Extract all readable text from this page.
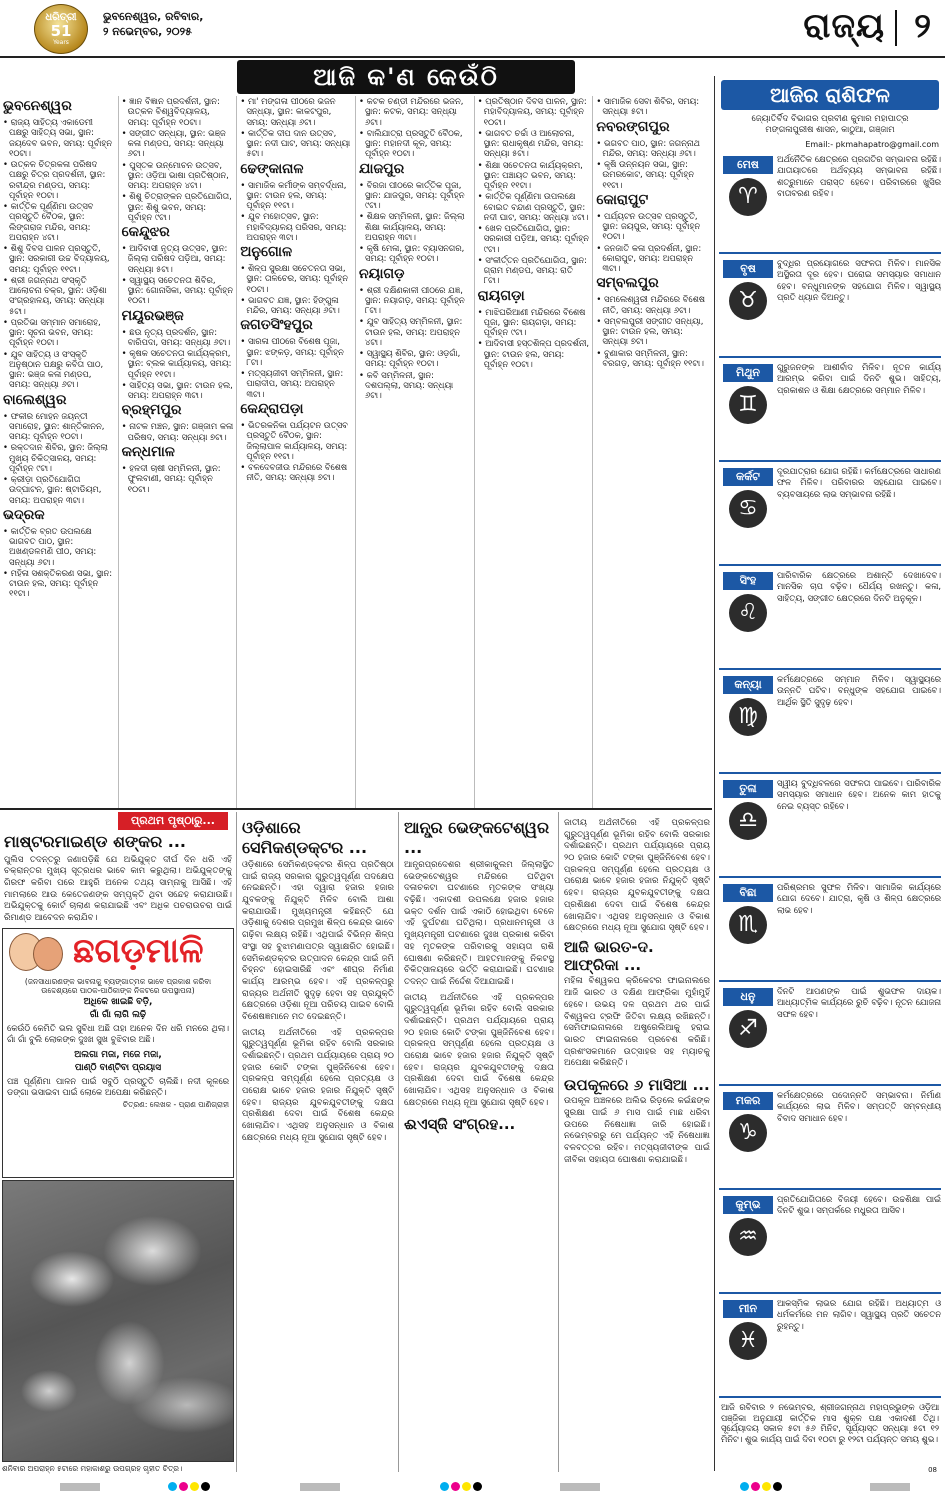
ଧରିତ୍ରୀ
51
Years
ଭୁବନେଶ୍ୱର, ରବିବାର,
୨ ନଭେମ୍ବର, ୨୦୨୫	ରାଜ୍ୟ ୨
ଆଜି କ'ଣ କେଉଁଠି
ଭୁବନେଶ୍ୱର
• ରାଜ୍ୟ ସାହିତ୍ୟ ଏକାଡେମୀ ପକ୍ଷରୁ ସାହିତ୍ୟ ସଭା, ସ୍ଥାନ: ଜୟଦେବ ଭବନ, ସମୟ: ପୂର୍ବାହ୍ନ ୧୦ଟା।
• ଉତ୍କଳ ଚିତ୍ରକଳା ପରିଷଦ ପକ୍ଷରୁ ଚିତ୍ର ପ୍ରଦର୍ଶନୀ, ସ୍ଥାନ: ରବୀନ୍ଦ୍ର ମଣ୍ଡପ, ସମୟ: ପୂର୍ବାହ୍ନ ୧୦ଟା।
• କାର୍ତ୍ତିକ ପୂର୍ଣ୍ଣିମା ଉତ୍ସବ ପ୍ରସ୍ତୁତି ବୈଠକ, ସ୍ଥାନ: ଲିଙ୍ଗରାଜ ମନ୍ଦିର, ସମୟ: ଅପରାହ୍ନ ୪ଟା।
• ଶିଶୁ ଦିବସ ପାଳନ ପ୍ରସ୍ତୁତି, ସ୍ଥାନ: ସରକାରୀ ଉଚ୍ଚ ବିଦ୍ୟାଳୟ, ସମୟ: ପୂର୍ବାହ୍ନ ୧୧ଟା।
• ଶ୍ରୀ ଜଗନ୍ନାଥ ସଂସ୍କୃତି ଆଲୋଚନା ଚକ୍ର, ସ୍ଥାନ: ଓଡ଼ିଶା ସଂଗ୍ରହାଳୟ, ସମୟ: ସନ୍ଧ୍ୟା ୫ଟା।
• ପ୍ରତିଭା ସମ୍ମାନ ସମାରୋହ, ସ୍ଥାନ: ସୂଚନା ଭବନ, ସମୟ: ପୂର୍ବାହ୍ନ ୧୦ଟା।
• ଯୁବ ସାହିତ୍ୟ ଓ ସଂସ୍କୃତି ଅନୁଷ୍ଠାନ ପକ୍ଷରୁ କବିତା ପାଠ, ସ୍ଥାନ: ଭଞ୍ଜ କଳା ମଣ୍ଡପ, ସମୟ: ସନ୍ଧ୍ୟା ୬ଟା।
ବାଲେଶ୍ୱର
• ଫକୀର ମୋହନ ଜୟନ୍ତୀ ସମାରୋହ, ସ୍ଥାନ: ଶାନ୍ତିକାନନ, ସମୟ: ପୂର୍ବାହ୍ନ ୧୦ଟା।
• ରକ୍ତଦାନ ଶିବିର, ସ୍ଥାନ: ଜିଲ୍ଲା ମୁଖ୍ୟ ଚିକିତ୍ସାଳୟ, ସମୟ: ପୂର୍ବାହ୍ନ ୯ଟା।
• କ୍ରୀଡ଼ା ପ୍ରତିଯୋଗିତା ଉଦ୍‌ଘାଟନ, ସ୍ଥାନ: ଷ୍ଟାଡିୟମ, ସମୟ: ଅପରାହ୍ନ ୩ଟା।
ଭଦ୍ରକ
• କାର୍ତ୍ତିକ ବ୍ରତ ଉପଲକ୍ଷେ ଭାଗବତ ପାଠ, ସ୍ଥାନ: ଅଖଣ୍ଡଳମଣି ପୀଠ, ସମୟ: ସନ୍ଧ୍ୟା ୬ଟା।
• ମହିଳା ସଶକ୍ତିକରଣ ସଭା, ସ୍ଥାନ: ଟାଉନ ହଲ, ସମୟ: ପୂର୍ବାହ୍ନ ୧୧ଟା।
• ଜ୍ଞାନ ବିଜ୍ଞାନ ପ୍ରଦର୍ଶନୀ, ସ୍ଥାନ: ଉତ୍କଳ ବିଶ୍ୱବିଦ୍ୟାଳୟ, ସମୟ: ପୂର୍ବାହ୍ନ ୧୦ଟା।
• ସଙ୍ଗୀତ ସନ୍ଧ୍ୟା, ସ୍ଥାନ: ଭଞ୍ଜ କଳା ମଣ୍ଡପ, ସମୟ: ସନ୍ଧ୍ୟା ୬ଟା।
• ପୁସ୍ତକ ଉନ୍ମୋଚନ ଉତ୍ସବ, ସ୍ଥାନ: ଓଡ଼ିଆ ଭାଷା ପ୍ରତିଷ୍ଠାନ, ସମୟ: ଅପରାହ୍ନ ୪ଟା।
• ଶିଶୁ ଚିତ୍ରାଙ୍କନ ପ୍ରତିଯୋଗିତା, ସ୍ଥାନ: ଶିଶୁ ଭବନ, ସମୟ: ପୂର୍ବାହ୍ନ ୯ଟା।
କେନ୍ଦୁଝର
• ଆଦିବାସୀ ନୃତ୍ୟ ଉତ୍ସବ, ସ୍ଥାନ: ଜିଲ୍ଲା ପରିଷଦ ପଡ଼ିଆ, ସମୟ: ସନ୍ଧ୍ୟା ୫ଟା।
• ସ୍ୱାସ୍ଥ୍ୟ ସଚେତନତା ଶିବିର, ସ୍ଥାନ: ଗୋନାସିକା, ସମୟ: ପୂର୍ବାହ୍ନ ୧୦ଟା।
ମୟୂରଭଞ୍ଜ
• ଛଉ ନୃତ୍ୟ ପ୍ରଦର୍ଶନ, ସ୍ଥାନ: ବାରିପଦା, ସମୟ: ସନ୍ଧ୍ୟା ୬ଟା।
• କୃଷକ ସଚେତନତା କାର୍ଯ୍ୟକ୍ରମ, ସ୍ଥାନ: ବ୍ଲକ କାର୍ଯ୍ୟାଳୟ, ସମୟ: ପୂର୍ବାହ୍ନ ୧୧ଟା।
• ସାହିତ୍ୟ ସଭା, ସ୍ଥାନ: ଟାଉନ ହଲ, ସମୟ: ଅପରାହ୍ନ ୩ଟା।
ବ୍ରହ୍ମପୁର
• ନାଟକ ମଞ୍ଚନ, ସ୍ଥାନ: ଗଞ୍ଜାମ କଳା ପରିଷଦ, ସମୟ: ସନ୍ଧ୍ୟା ୭ଟା।
କନ୍ଧମାଳ
• ହଳଦୀ ଚାଷୀ ସମ୍ମିଳନୀ, ସ୍ଥାନ: ଫୁଲବାଣୀ, ସମୟ: ପୂର୍ବାହ୍ନ ୧୦ଟା।
• ମା' ମଙ୍ଗଳା ପୀଠରେ ଭଜନ ସନ୍ଧ୍ୟା, ସ୍ଥାନ: କାକଟପୁର, ସମୟ: ସନ୍ଧ୍ୟା ୬ଟା।
• କାର୍ତ୍ତିକ ଦୀପ ଦାନ ଉତ୍ସବ, ସ୍ଥାନ: ନଦୀ ଘାଟ, ସମୟ: ସନ୍ଧ୍ୟା ୫ଟା।
ଢେଙ୍କାନାଳ
• ସାମାଜିକ କର୍ମୀଙ୍କ ସମ୍ବର୍ଦ୍ଧନା, ସ୍ଥାନ: ଟାଉନ ହଲ, ସମୟ: ପୂର୍ବାହ୍ନ ୧୧ଟା।
• ଯୁବ ମହୋତ୍ସବ, ସ୍ଥାନ: ମହାବିଦ୍ୟାଳୟ ପରିସର, ସମୟ: ଅପରାହ୍ନ ୩ଟା।
ଅନୁଗୋଳ
• ଶିଳ୍ପ ସୁରକ୍ଷା ସଚେତନତା ସଭା, ସ୍ଥାନ: ତାଳଚେର, ସମୟ: ପୂର୍ବାହ୍ନ ୧୦ଟା।
• ଭାଗବତ ଯଜ୍ଞ, ସ୍ଥାନ: ହିଙ୍ଗୁଳା ମନ୍ଦିର, ସମୟ: ସନ୍ଧ୍ୟା ୬ଟା।
ଜଗତସିଂହପୁର
• ସାରଳା ପୀଠରେ ବିଶେଷ ପୂଜା, ସ୍ଥାନ: ଝଙ୍କଡ଼, ସମୟ: ପୂର୍ବାହ୍ନ ୮ଟା।
• ମତ୍ସ୍ୟଜୀବୀ ସମ୍ମିଳନୀ, ସ୍ଥାନ: ପାରାଦୀପ, ସମୟ: ଅପରାହ୍ନ ୩ଟା।
କେନ୍ଦ୍ରାପଡ଼ା
• ଭିତରକନିକା ପର୍ଯ୍ୟଟନ ଉତ୍ସବ ପ୍ରସ୍ତୁତି ବୈଠକ, ସ୍ଥାନ: ଜିଲ୍ଲାପାଳ କାର୍ଯ୍ୟାଳୟ, ସମୟ: ପୂର୍ବାହ୍ନ ୧୧ଟା।
• ବଳଦେବଜୀଉ ମନ୍ଦିରରେ ବିଶେଷ ନୀତି, ସମୟ: ସନ୍ଧ୍ୟା ୭ଟା।
• କଟକ ଚଣ୍ଡୀ ମନ୍ଦିରରେ ଭଜନ, ସ୍ଥାନ: କଟକ, ସମୟ: ସନ୍ଧ୍ୟା ୬ଟା।
• ବାଲିଯାତ୍ରା ପ୍ରସ୍ତୁତି ବୈଠକ, ସ୍ଥାନ: ମହାନଦୀ କୂଳ, ସମୟ: ପୂର୍ବାହ୍ନ ୧୦ଟା।
ଯାଜପୁର
• ବିରଜା ପୀଠରେ କାର୍ତ୍ତିକ ପୂଜା, ସ୍ଥାନ: ଯାଜପୁର, ସମୟ: ପୂର୍ବାହ୍ନ ୯ଟା।
• ଶିକ୍ଷକ ସମ୍ମିଳନୀ, ସ୍ଥାନ: ଜିଲ୍ଲା ଶିକ୍ଷା କାର୍ଯ୍ୟାଳୟ, ସମୟ: ଅପରାହ୍ନ ୩ଟା।
• କୃଷି ମେଳା, ସ୍ଥାନ: ବ୍ୟାସନଗର, ସମୟ: ପୂର୍ବାହ୍ନ ୧୦ଟା।
ନୟାଗଡ଼
• ଶ୍ରୀ ଦକ୍ଷିଣକାଳୀ ପୀଠରେ ଯଜ୍ଞ, ସ୍ଥାନ: ନୟାଗଡ଼, ସମୟ: ପୂର୍ବାହ୍ନ ୮ଟା।
• ଯୁବ ସାହିତ୍ୟ ସମ୍ମିଳନୀ, ସ୍ଥାନ: ଟାଉନ ହଲ, ସମୟ: ଅପରାହ୍ନ ୪ଟା।
• ସ୍ୱାସ୍ଥ୍ୟ ଶିବିର, ସ୍ଥାନ: ଓଡ଼ଗାଁ, ସମୟ: ପୂର୍ବାହ୍ନ ୧୦ଟା।
• କବି ସମ୍ମିଳନୀ, ସ୍ଥାନ: ଦଶପଲ୍ଲା, ସମୟ: ସନ୍ଧ୍ୟା ୬ଟା।
• ପ୍ରତିଷ୍ଠାନ ଦିବସ ପାଳନ, ସ୍ଥାନ: ମହାବିଦ୍ୟାଳୟ, ସମୟ: ପୂର୍ବାହ୍ନ ୧୦ଟା।
• ଭାଗବତ ଚର୍ଚ୍ଚା ଓ ଆଲୋଚନା, ସ୍ଥାନ: ରାଧାକୃଷ୍ଣ ମନ୍ଦିର, ସମୟ: ସନ୍ଧ୍ୟା ୫ଟା।
• ଶିକ୍ଷା ସଚେତନତା କାର୍ଯ୍ୟକ୍ରମ, ସ୍ଥାନ: ପଞ୍ଚାୟତ ଭବନ, ସମୟ: ପୂର୍ବାହ୍ନ ୧୧ଟା।
• କାର୍ତ୍ତିକ ପୂର୍ଣ୍ଣିମା ଉପଲକ୍ଷେ ବୋଇତ ବନ୍ଦାଣ ପ୍ରସ୍ତୁତି, ସ୍ଥାନ: ନଦୀ ଘାଟ, ସମୟ: ସନ୍ଧ୍ୟା ୪ଟା।
• ଖେଳ ପ୍ରତିଯୋଗିତା, ସ୍ଥାନ: ସରକାରୀ ପଡ଼ିଆ, ସମୟ: ପୂର୍ବାହ୍ନ ୯ଟା।
• ସଂକୀର୍ତ୍ତନ ପ୍ରତିଯୋଗିତା, ସ୍ଥାନ: ଗ୍ରାମ ମଣ୍ଡପ, ସମୟ: ରାତି ୮ଟା।
ରାୟଗଡ଼ା
• ମାଝିଘରିଆଣୀ ମନ୍ଦିରରେ ବିଶେଷ ପୂଜା, ସ୍ଥାନ: ରାୟଗଡ଼ା, ସମୟ: ପୂର୍ବାହ୍ନ ୯ଟା।
• ଆଦିବାସୀ ହସ୍ତଶିଳ୍ପ ପ୍ରଦର୍ଶନୀ, ସ୍ଥାନ: ଟାଉନ ହଲ, ସମୟ: ପୂର୍ବାହ୍ନ ୧୦ଟା।
• ସାମାଜିକ ସେବା ଶିବିର, ସମୟ: ସନ୍ଧ୍ୟା ୫ଟା।
ନବରଙ୍ଗପୁର
• ଭଗବତ ପାଠ, ସ୍ଥାନ: ଜଗନ୍ନାଥ ମନ୍ଦିର, ସମୟ: ସନ୍ଧ୍ୟା ୬ଟା।
• କୃଷି ଉନ୍ନୟନ ସଭା, ସ୍ଥାନ: ଉମରକୋଟ, ସମୟ: ପୂର୍ବାହ୍ନ ୧୧ଟା।
କୋରାପୁଟ
• ପର୍ଯ୍ୟଟନ ଉତ୍ସବ ପ୍ରସ୍ତୁତି, ସ୍ଥାନ: ଜୟପୁର, ସମୟ: ପୂର୍ବାହ୍ନ ୧୦ଟା।
• ଜନଜାତି କଳା ପ୍ରଦର୍ଶନୀ, ସ୍ଥାନ: କୋରାପୁଟ, ସମୟ: ଅପରାହ୍ନ ୩ଟା।
ସମ୍ବଲପୁର
• ସମଲେଶ୍ୱରୀ ମନ୍ଦିରରେ ବିଶେଷ ନୀତି, ସମୟ: ସନ୍ଧ୍ୟା ୬ଟା।
• ସମ୍ବଲପୁରୀ ସଙ୍ଗୀତ ସନ୍ଧ୍ୟା, ସ୍ଥାନ: ଟାଉନ ହଲ, ସମୟ: ସନ୍ଧ୍ୟା ୭ଟା।
• ବୁଣାକାର ସମ୍ମିଳନୀ, ସ୍ଥାନ: ବରଗଡ଼, ସମୟ: ପୂର୍ବାହ୍ନ ୧୧ଟା।
ଆଜିର ରାଶିଫଳ
ଜ୍ୟୋତିର୍ବିଦ ବିଭାଗର ପ୍ରବୀଣ କୁମାର ମହାପାତ୍ର
ମଙ୍ଗଳାପୁରୀଷ ଶାସନ, କାଠୁଆ, ଗଞ୍ଜାମ
Email:- pkmahapatro@gmail.com
ମେଷ
♈
ଅର୍ଥନୈତିକ କ୍ଷେତ୍ରରେ ପ୍ରଗତିର ସମ୍ଭାବନା ରହିଛି। ଯାତାୟାତରେ ଅର୍ଥବ୍ୟୟ ସମ୍ଭାବନା ରହିଛି। ଶତ୍ରୁମାନେ ପରାସ୍ତ ହେବେ। ପରିବାରରେ ଖୁସିର ବାତାବରଣ ରହିବ।
ବୃଷ
♉
ବୁଦ୍ଧିର ପ୍ରୟୋଗରେ ସଫଳତା ମିଳିବ। ମାନସିକ ଅସ୍ଥିରତା ଦୂର ହେବ। ଘରୋଇ ସମସ୍ୟାର ସମାଧାନ ହେବ। ବନ୍ଧୁମାନଙ୍କ ସହଯୋଗ ମିଳିବ। ସ୍ୱାସ୍ଥ୍ୟ ପ୍ରତି ଧ୍ୟାନ ଦିଅନ୍ତୁ।
ମିଥୁନ
♊
ଗୁରୁଜନଙ୍କ ଆଶୀର୍ବାଦ ମିଳିବ। ନୂତନ କାର୍ଯ୍ୟ ଆରମ୍ଭ କରିବା ପାଇଁ ଦିନଟି ଶୁଭ। ସାହିତ୍ୟ, ପ୍ରକାଶନ ଓ ଶିକ୍ଷା କ୍ଷେତ୍ରରେ ସମ୍ମାନ ମିଳିବ।
କର୍କଟ
♋
ଦୂରଯାତ୍ରାର ଯୋଗ ରହିଛି। କର୍ମକ୍ଷେତ୍ରରେ ସାଧାରଣ ଫଳ ମିଳିବ। ପରିବାରର ସହଯୋଗ ପାଇବେ। ବ୍ୟବସାୟରେ ଲାଭ ସମ୍ଭାବନା ରହିଛି।
ସିଂହ
♌
ପାରିବାରିକ କ୍ଷେତ୍ରରେ ଅଶାନ୍ତି ଦେଖାଦେବ। ମାନସିକ ଚାପ ବଢ଼ିବ। ଧୈର୍ଯ୍ୟ ରଖନ୍ତୁ। କଳା, ସାହିତ୍ୟ, ସଙ୍ଗୀତ କ୍ଷେତ୍ରରେ ଦିନଟି ଅନୁକୂଳ।
କନ୍ୟା
♍
କର୍ମକ୍ଷେତ୍ରରେ ସମ୍ମାନ ମିଳିବ। ସ୍ୱାସ୍ଥ୍ୟରେ ଉନ୍ନତି ଘଟିବ। ବନ୍ଧୁଙ୍କ ସହଯୋଗ ପାଇବେ। ଆର୍ଥିକ ସ୍ଥିତି ସୁଦୃଢ଼ ହେବ।
ତୁଳା
♎
ସ୍ୱୀୟ ବୁଦ୍ଧିବଳରେ ସଫଳତା ପାଇବେ। ପାରିବାରିକ ସମସ୍ୟାର ସମାଧାନ ହେବ। ଅନେକ କାମ ହାତକୁ ନେଇ ବ୍ୟସ୍ତ ରହିବେ।
ବିଛା
♏
ପରିଶ୍ରମର ସୁଫଳ ମିଳିବ। ସାମାଜିକ କାର୍ଯ୍ୟରେ ଯୋଗ ଦେବେ। ଯାତ୍ରା, କୃଷି ଓ ଶିଳ୍ପ କ୍ଷେତ୍ରରେ ଲାଭ ହେବ।
ଧନୁ
♐
ଦିନଟି ଆପଣଙ୍କ ପାଇଁ ଶୁଭଫଳ ଦାୟକ। ଆଧ୍ୟାତ୍ମିକ କାର୍ଯ୍ୟରେ ରୁଚି ବଢ଼ିବ। ନୂତନ ଯୋଜନା ସଫଳ ହେବ।
ମକର
♑
କର୍ମକ୍ଷେତ୍ରରେ ପଦୋନ୍ନତି ସମ୍ଭାବନା। ନିର୍ମାଣ କାର୍ଯ୍ୟରେ ଲାଭ ମିଳିବ। ସମ୍ପତ୍ତି ସମ୍ବନ୍ଧୀୟ ବିବାଦ ସମାଧାନ ହେବ।
କୁମ୍ଭ
♒
ପ୍ରତିଯୋଗିତାରେ ବିଜୟୀ ହେବେ। ଉଚ୍ଚଶିକ୍ଷା ପାଇଁ ଦିନଟି ଶୁଭ। ସମ୍ପର୍କରେ ମଧୁରତା ଆସିବ।
ମୀନ
♓
ଆକସ୍ମିକ ଲାଭର ଯୋଗ ରହିଛି। ଅଧ୍ୟାତ୍ମ ଓ ଧର୍ମକର୍ମରେ ମନ ଲାଗିବ। ସ୍ୱାସ୍ଥ୍ୟ ପ୍ରତି ସଚେତନ ରୁହନ୍ତୁ।
ଆଜି ରବିବାର ୨ ନଭେମ୍ବର, ଶ୍ରୀଜଗନ୍ନାଥ ମହାପ୍ରଭୁଙ୍କ ଓଡ଼ିଆ ପଞ୍ଜିକା ଅନୁଯାୟୀ କାର୍ତ୍ତିକ ମାସ ଶୁକ୍ଳ ପକ୍ଷ ଏକାଦଶୀ ତିଥି। ସୂର୍ଯ୍ୟୋଦୟ ସକାଳ ୫ଟା ୫୬ ମିନିଟ, ସୂର୍ଯ୍ୟାସ୍ତ ସନ୍ଧ୍ୟା ୫ଟା ୧୨ ମିନିଟ। ଶୁଭ କାର୍ଯ୍ୟ ପାଇଁ ଦିବା ୧୦ଟା ରୁ ୧୨ଟା ପର୍ଯ୍ୟନ୍ତ ସମୟ ଶୁଭ।
ପ୍ରଥମ ପୃଷ୍ଠାରୁ...
ମାଷ୍ଟରମାଇଣ୍ଡ ଶଙ୍କର ...

ପୁଲିସ ତଦନ୍ତରୁ ଜଣାପଡ଼ିଛି ଯେ ଅଭିଯୁକ୍ତ ଦୀର୍ଘ ଦିନ ଧରି ଏହି ଚକ୍ରାନ୍ତର ମୁଖ୍ୟ ସୂତ୍ରଧର ଭାବେ କାମ କରୁଥିଲା। ଅଭିଯୁକ୍ତଙ୍କୁ ଗିରଫ କରିବା ପରେ ଆହୁରି ଅନେକ ତଥ୍ୟ ସାମ୍ନାକୁ ଆସିଛି। ଏହି ମାମଲାରେ ଆଉ କେତେଜଣଙ୍କ ସମ୍ପୃକ୍ତି ଥିବା ସନ୍ଦେହ କରାଯାଉଛି। ଅଭିଯୁକ୍ତକୁ କୋର୍ଟ ଚାଲାଣ କରାଯାଇଛି ଏବଂ ଅଧିକ ପଚରାଉଚରା ପାଇଁ ରିମାଣ୍ଡ ଆବେଦନ କରାଯିବ।

ଛଗଡ଼ମାଳି
(ଜନସାଧାରଣଙ୍କ ଭାବନାକୁ ବ୍ୟଙ୍ଗାତ୍ମକ ଭାବେ ପ୍ରକାଶ କରିବା ଉଦ୍ଦେଶ୍ୟରେ ପାଠକ-ପାଠିକାଙ୍କ ନିକଟରେ ଉପସ୍ଥାପନା)
ଅଧିକେ ଖାଇଛି ବଡ଼ି,
ଗାଁ ଗାଁ ଲାଗି ଲଢ଼ି
କେଉଁଠି କେମିତି ଭଲ ସୁବିଧା ଅଛି ତାହା ଅନେକ ଦିନ ଧରି ମନରେ ଥିଲା। ଗାଁ ଗାଁ ବୁଲି ଲୋକଙ୍କ ଦୁଃଖ ସୁଖ ବୁଝିବାର ଅଛି।
ଅଲଗା ମଜା, ମଜେ ମଜା,
ପାଣ୍ଠି ବାଣ୍ଟିବା ପ୍ରୟାସ
ପଞ୍ଚ ପୂର୍ଣ୍ଣିମା ପାଳନ ପାଇଁ ସବୁଠି ପ୍ରସ୍ତୁତି ଚାଲିଛି। ନଦୀ କୂଳରେ ଡଙ୍ଗା ଭସାଇବା ପାଇଁ ଲୋକେ ଅପେକ୍ଷା କରିଛନ୍ତି।
ଚିତ୍ରଣ: ଲେଖକ - ପ୍ରାଣ ପାଣିଗ୍ରାହୀ
ଶନିବାର ଅପରାହ୍ନ ୫ଟାରେ ମହାକାଶରୁ ଉପଗ୍ରହ ଗୃହୀତ ଚିତ୍ର।
ଓଡ଼ିଶାରେ ସେମିକଣ୍ଡକ୍ଟର ...

ଓଡ଼ିଶାରେ ସେମିକଣ୍ଡକ୍ଟର ଶିଳ୍ପ ପ୍ରତିଷ୍ଠା ପାଇଁ ରାଜ୍ୟ ସରକାର ଗୁରୁତ୍ୱପୂର୍ଣ୍ଣ ପଦକ୍ଷେପ ନେଇଛନ୍ତି। ଏହା ଦ୍ୱାରା ହଜାର ହଜାର ଯୁବକଙ୍କୁ ନିଯୁକ୍ତି ମିଳିବ ବୋଲି ଆଶା କରାଯାଉଛି। ମୁଖ୍ୟମନ୍ତ୍ରୀ କହିଛନ୍ତି ଯେ ଓଡ଼ିଶାକୁ ଦେଶର ପ୍ରମୁଖ ଶିଳ୍ପ କେନ୍ଦ୍ର ଭାବେ ଗଢ଼ିବା ଲକ୍ଷ୍ୟ ରହିଛି। ଏଥିପାଇଁ ବିଭିନ୍ନ ଶିଳ୍ପ ସଂସ୍ଥା ସହ ବୁଝାମଣାପତ୍ର ସ୍ୱାକ୍ଷରିତ ହୋଇଛି। ସେମିକଣ୍ଡକ୍ଟର ଉତ୍ପାଦନ କେନ୍ଦ୍ର ପାଇଁ ଜମି ଚିହ୍ନଟ ହୋଇସାରିଛି ଏବଂ ଶୀଘ୍ର ନିର୍ମାଣ କାର୍ଯ୍ୟ ଆରମ୍ଭ ହେବ। ଏହି ପ୍ରକଳ୍ପରୁ ରାଜ୍ୟର ଅର୍ଥନୀତି ସୁଦୃଢ଼ ହେବା ସହ ପ୍ରଯୁକ୍ତି କ୍ଷେତ୍ରରେ ଓଡ଼ିଶା ନୂଆ ପରିଚୟ ପାଇବ ବୋଲି ବିଶେଷଜ୍ଞମାନେ ମତ ଦେଇଛନ୍ତି।

ଜାତୀୟ ଅର୍ଥନୀତିରେ ଏହି ପ୍ରକଳ୍ପର ଗୁରୁତ୍ୱପୂର୍ଣ୍ଣ ଭୂମିକା ରହିବ ବୋଲି ସରକାର ଦର୍ଶାଇଛନ୍ତି। ପ୍ରଥମ ପର୍ଯ୍ୟାୟରେ ପ୍ରାୟ ୨୦ ହଜାର କୋଟି ଟଙ୍କା ପୁଞ୍ଜିନିବେଶ ହେବ। ପ୍ରକଳ୍ପ ସମ୍ପୂର୍ଣ୍ଣ ହେଲେ ପ୍ରତ୍ୟକ୍ଷ ଓ ପରୋକ୍ଷ ଭାବେ ହଜାର ହଜାର ନିଯୁକ୍ତି ସୃଷ୍ଟି ହେବ। ରାଜ୍ୟର ଯୁବକଯୁବତୀଙ୍କୁ ଦକ୍ଷତା ପ୍ରଶିକ୍ଷଣ ଦେବା ପାଇଁ ବିଶେଷ କେନ୍ଦ୍ର ଖୋଲାଯିବ। ଏଥିସହ ଅନୁସନ୍ଧାନ ଓ ବିକାଶ କ୍ଷେତ୍ରରେ ମଧ୍ୟ ନୂଆ ସୁଯୋଗ ସୃଷ୍ଟି ହେବ।

ଆନ୍ଧ୍ର ଭେଙ୍କଟେଶ୍ୱର ...

ଆନ୍ଧ୍ରପ୍ରଦେଶର ଶ୍ରୀକାକୁଲମ ଜିଲ୍ଲାସ୍ଥିତ ଭେଙ୍କଟେଶ୍ୱର ମନ୍ଦିରରେ ଘଟିଥିବା ଦଳାଚକଟା ଘଟଣାରେ ମୃତକଙ୍କ ସଂଖ୍ୟା ବଢ଼ିଛି। ଏକାଦଶୀ ଉପଲକ୍ଷେ ହଜାର ହଜାର ଭକ୍ତ ଦର୍ଶନ ପାଇଁ ଏକାଠି ହୋଇଥିବା ବେଳେ ଏହି ଦୁର୍ଘଟଣା ଘଟିଥିଲା। ପ୍ରଧାନମନ୍ତ୍ରୀ ଓ ମୁଖ୍ୟମନ୍ତ୍ରୀ ଘଟଣାରେ ଦୁଃଖ ପ୍ରକାଶ କରିବା ସହ ମୃତକଙ୍କ ପରିବାରକୁ ସହାୟତା ରାଶି ଘୋଷଣା କରିଛନ୍ତି। ଆହତମାନଙ୍କୁ ନିକଟସ୍ଥ ଚିକିତ୍ସାଳୟରେ ଭର୍ତ୍ତି କରାଯାଇଛି। ଘଟଣାର ତଦନ୍ତ ପାଇଁ ନିର୍ଦ୍ଦେଶ ଦିଆଯାଇଛି।

ଜାତୀୟ ଅର୍ଥନୀତିରେ ଏହି ପ୍ରକଳ୍ପର ଗୁରୁତ୍ୱପୂର୍ଣ୍ଣ ଭୂମିକା ରହିବ ବୋଲି ସରକାର ଦର୍ଶାଇଛନ୍ତି। ପ୍ରଥମ ପର୍ଯ୍ୟାୟରେ ପ୍ରାୟ ୨୦ ହଜାର କୋଟି ଟଙ୍କା ପୁଞ୍ଜିନିବେଶ ହେବ। ପ୍ରକଳ୍ପ ସମ୍ପୂର୍ଣ୍ଣ ହେଲେ ପ୍ରତ୍ୟକ୍ଷ ଓ ପରୋକ୍ଷ ଭାବେ ହଜାର ହଜାର ନିଯୁକ୍ତି ସୃଷ୍ଟି ହେବ। ରାଜ୍ୟର ଯୁବକଯୁବତୀଙ୍କୁ ଦକ୍ଷତା ପ୍ରଶିକ୍ଷଣ ଦେବା ପାଇଁ ବିଶେଷ କେନ୍ଦ୍ର ଖୋଲାଯିବ। ଏଥିସହ ଅନୁସନ୍ଧାନ ଓ ବିକାଶ କ୍ଷେତ୍ରରେ ମଧ୍ୟ ନୂଆ ସୁଯୋଗ ସୃଷ୍ଟି ହେବ।

ଈଏସ୍‌ଜି ସଂଗ୍ରହ...

ଜାତୀୟ ଅର୍ଥନୀତିରେ ଏହି ପ୍ରକଳ୍ପର ଗୁରୁତ୍ୱପୂର୍ଣ୍ଣ ଭୂମିକା ରହିବ ବୋଲି ସରକାର ଦର୍ଶାଇଛନ୍ତି। ପ୍ରଥମ ପର୍ଯ୍ୟାୟରେ ପ୍ରାୟ ୨୦ ହଜାର କୋଟି ଟଙ୍କା ପୁଞ୍ଜିନିବେଶ ହେବ। ପ୍ରକଳ୍ପ ସମ୍ପୂର୍ଣ୍ଣ ହେଲେ ପ୍ରତ୍ୟକ୍ଷ ଓ ପରୋକ୍ଷ ଭାବେ ହଜାର ହଜାର ନିଯୁକ୍ତି ସୃଷ୍ଟି ହେବ। ରାଜ୍ୟର ଯୁବକଯୁବତୀଙ୍କୁ ଦକ୍ଷତା ପ୍ରଶିକ୍ଷଣ ଦେବା ପାଇଁ ବିଶେଷ କେନ୍ଦ୍ର ଖୋଲାଯିବ। ଏଥିସହ ଅନୁସନ୍ଧାନ ଓ ବିକାଶ କ୍ଷେତ୍ରରେ ମଧ୍ୟ ନୂଆ ସୁଯୋଗ ସୃଷ୍ଟି ହେବ।

ଆଜି ଭାରତ-ଦ. ଆଫ୍ରିକା ...

ମହିଳା ବିଶ୍ୱକପ କ୍ରିକେଟର ଫାଇନାଲରେ ଆଜି ଭାରତ ଓ ଦକ୍ଷିଣ ଆଫ୍ରିକା ମୁହାଁମୁହିଁ ହେବେ। ଉଭୟ ଦଳ ପ୍ରଥମ ଥର ପାଇଁ ବିଶ୍ୱକପ ଟ୍ରଫି ଜିତିବା ଲକ୍ଷ୍ୟ ରଖିଛନ୍ତି। ସେମିଫାଇନାଲରେ ଅଷ୍ଟ୍ରେଲିଆକୁ ହରାଇ ଭାରତ ଫାଇନାଲରେ ପ୍ରବେଶ କରିଛି। ପ୍ରଶଂସକମାନେ ଉତ୍ସାହର ସହ ମ୍ୟାଚକୁ ଅପେକ୍ଷା କରିଛନ୍ତି।

ଉପକୂଳରେ ୬ ମାସିଆ ...

ଉପକୂଳ ଅଞ୍ଚଳରେ ଅଲିଭ ରିଡ଼ଲେ କଇଁଛଙ୍କ ସୁରକ୍ଷା ପାଇଁ ୬ ମାସ ପାଇଁ ମାଛ ଧରିବା ଉପରେ ନିଷେଧାଜ୍ଞା ଜାରି ହୋଇଛି। ନଭେମ୍ବରରୁ ମେ ପର୍ଯ୍ୟନ୍ତ ଏହି ନିଷେଧାଜ୍ଞା ବଳବତ୍ତର ରହିବ। ମତ୍ସ୍ୟଜୀବୀଙ୍କ ପାଇଁ ଜୀବିକା ସହାୟତା ଘୋଷଣା କରାଯାଇଛି।

08
